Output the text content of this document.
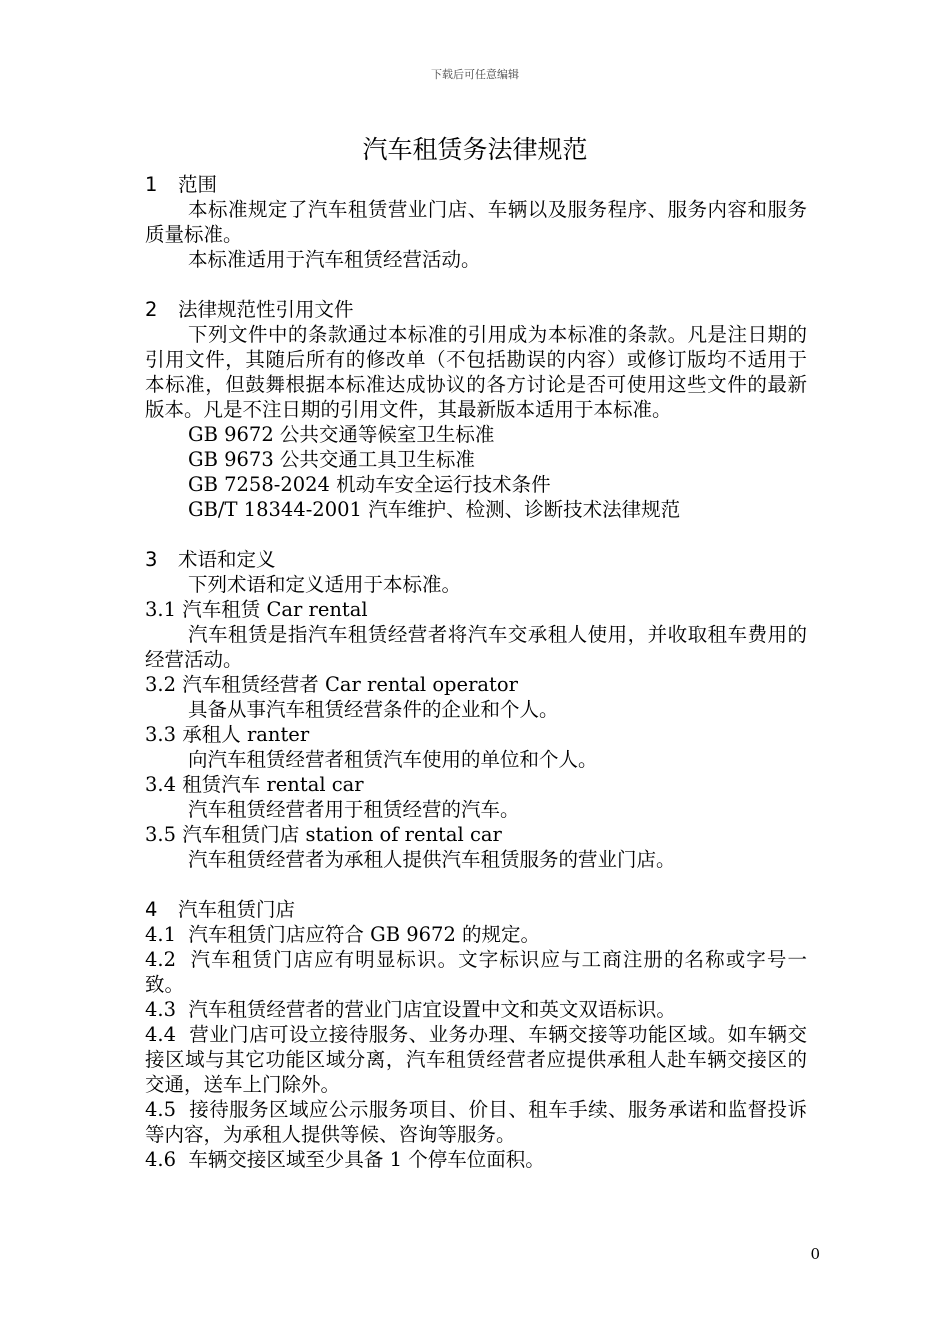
下载后可任意编辑
汽车租赁务法律规范

1 范围

本标准规定了汽车租赁营业门店、车辆以及服务程序、服务内容和服务质量标准。

本标准适用于汽车租赁经营活动。

2 法律规范性引用文件

下列文件中的条款通过本标准的引用成为本标准的条款。凡是注日期的引用文件，其随后所有的修改单（不包括勘误的内容）或修订版均不适用于本标准，但鼓舞根据本标准达成协议的各方讨论是否可使用这些文件的最新版本。凡是不注日期的引用文件，其最新版本适用于本标准。

GB 9672 公共交通等候室卫生标准

GB 9673 公共交通工具卫生标准

GB 7258-2024 机动车安全运行技术条件

GB/T 18344-2001 汽车维护、检测、诊断技术法律规范

3 术语和定义

下列术语和定义适用于本标准。

3.1 汽车租赁 Car rental

汽车租赁是指汽车租赁经营者将汽车交承租人使用，并收取租车费用的经营活动。

3.2 汽车租赁经营者 Car rental operator

具备从事汽车租赁经营条件的企业和个人。

3.3 承租人 ranter

向汽车租赁经营者租赁汽车使用的单位和个人。

3.4 租赁汽车 rental car

汽车租赁经营者用于租赁经营的汽车。

3.5 汽车租赁门店 station of rental car

汽车租赁经营者为承租人提供汽车租赁服务的营业门店。

4 汽车租赁门店

4.1 汽车租赁门店应符合 GB 9672 的规定。

4.2 汽车租赁门店应有明显标识。文字标识应与工商注册的名称或字号一致。

4.3 汽车租赁经营者的营业门店宜设置中文和英文双语标识。

4.4 营业门店可设立接待服务、业务办理、车辆交接等功能区域。如车辆交接区域与其它功能区域分离，汽车租赁经营者应提供承租人赴车辆交接区的交通，送车上门除外。

4.5 接待服务区域应公示服务项目、价目、租车手续、服务承诺和监督投诉等内容，为承租人提供等候、咨询等服务。

4.6 车辆交接区域至少具备 1 个停车位面积。

0
